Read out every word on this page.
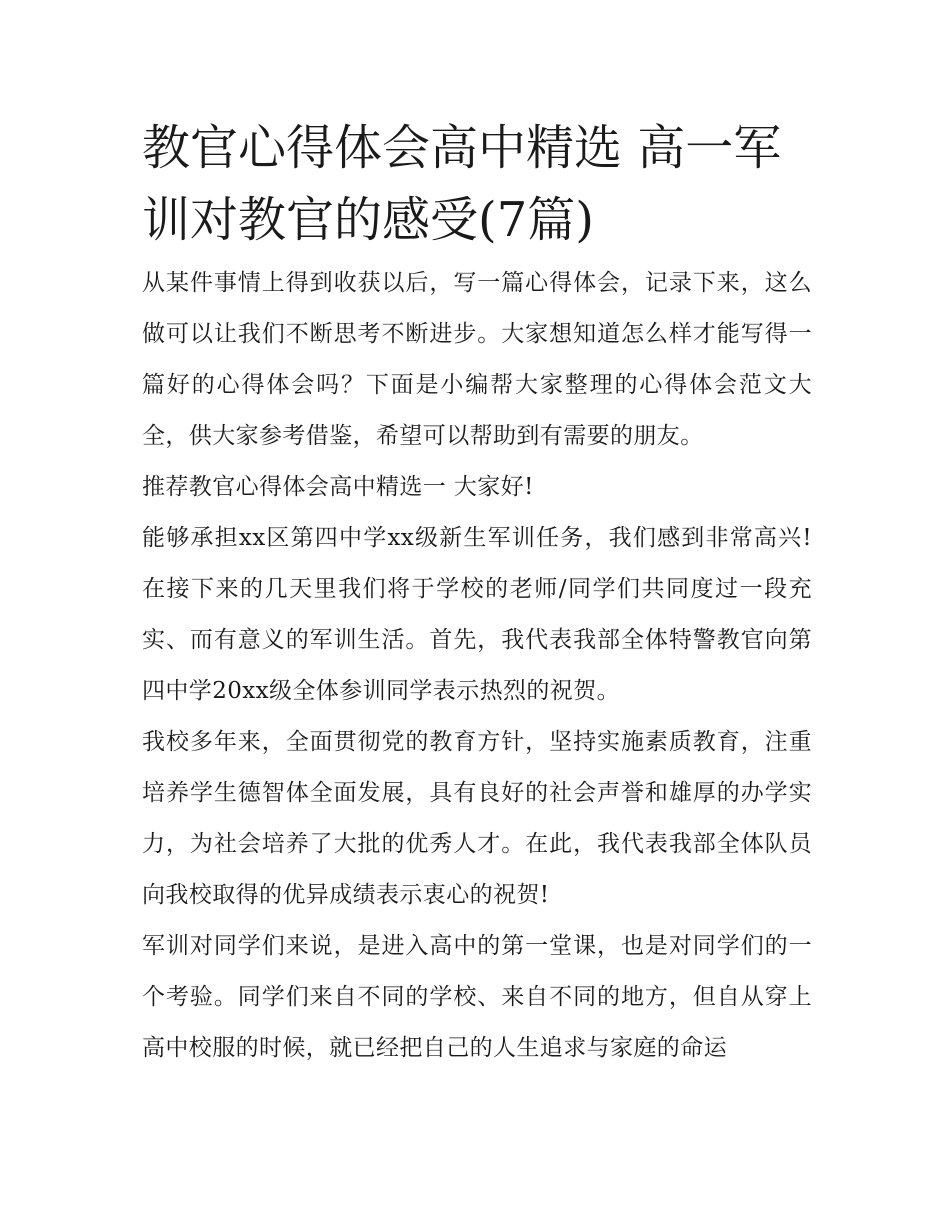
教官心得体会高中精选 高一军训对教官的感受(7篇)

从某件事情上得到收获以后，写一篇心得体会，记录下来，这么做可以让我们不断思考不断进步。大家想知道怎么样才能写得一篇好的心得体会吗？下面是小编帮大家整理的心得体会范文大全，供大家参考借鉴，希望可以帮助到有需要的朋友。

推荐教官心得体会高中精选一 大家好!

能够承担xx区第四中学xx级新生军训任务，我们感到非常高兴!在接下来的几天里我们将于学校的老师/同学们共同度过一段充实、而有意义的军训生活。首先，我代表我部全体特警教官向第四中学20xx级全体参训同学表示热烈的祝贺。

我校多年来，全面贯彻党的教育方针，坚持实施素质教育，注重培养学生德智体全面发展，具有良好的社会声誉和雄厚的办学实力，为社会培养了大批的优秀人才。在此，我代表我部全体队员向我校取得的优异成绩表示衷心的祝贺!

军训对同学们来说，是进入高中的第一堂课，也是对同学们的一个考验。同学们来自不同的学校、来自不同的地方，但自从穿上高中校服的时候，就已经把自己的人生追求与家庭的命运
